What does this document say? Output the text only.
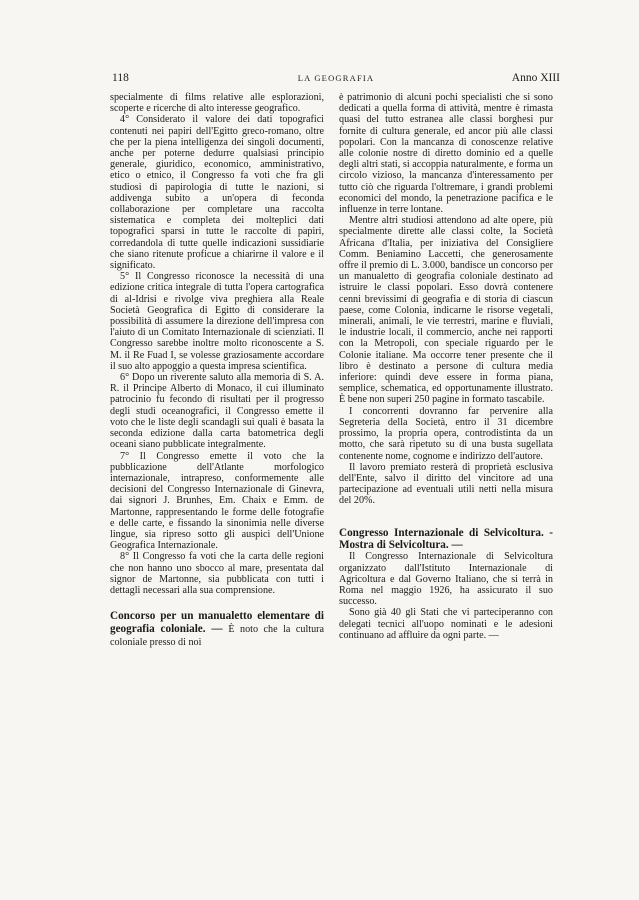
118	LA GEOGRAFIA	Anno XIII

specialmente di films relative alle esplorazioni, scoperte e ricerche di alto interesse geografico.

4° Considerato il valore dei dati topografici contenuti nei papiri dell'Egitto greco-romano, oltre che per la piena intelligenza dei singoli documenti, anche per poterne dedurre qualsiasi principio generale, giuridico, economico, amministrativo, etico o etnico, il Congresso fa voti che fra gli studiosi di papirologia di tutte le nazioni, si addivenga subito a un'opera di feconda collaborazione per completare una raccolta sistematica e completa dei molteplici dati topografici sparsi in tutte le raccolte di papiri, corredandola di tutte quelle indicazioni sussidiarie che siano ritenute proficue a chiarirne il valore e il significato.

5° Il Congresso riconosce la necessità di una edizione critica integrale di tutta l'opera cartografica di al-Idrisi e rivolge viva preghiera alla Reale Società Geografica di Egitto di considerare la possibilità di assumere la direzione dell'impresa con l'aiuto di un Comitato Internazionale di scienziati. Il Congresso sarebbe inoltre molto riconoscente a S. M. il Re Fuad I, se volesse graziosamente accordare il suo alto appoggio a questa impresa scientifica.

6° Dopo un riverente saluto alla memoria di S. A. R. il Principe Alberto di Monaco, il cui illuminato patrocinio fu fecondo di risultati per il progresso degli studi oceanografici, il Congresso emette il voto che le liste degli scandagli sui quali è basata la seconda edizione dalla carta batometrica degli oceani siano pubblicate integralmente.

7° Il Congresso emette il voto che la pubblicazione dell'Atlante morfologico internazionale, intrapreso, conformemente alle decisioni del Congresso Internazionale di Ginevra, dai signori J. Brunhes, Em. Chaix e Emm. de Martonne, rappresentando le forme delle fotografie e delle carte, e fissando la sinonimia nelle diverse lingue, sia ripreso sotto gli auspici dell'Unione Geografica Internazionale.

8° Il Congresso fa voti che la carta delle regioni che non hanno uno sbocco al mare, presentata dal signor de Martonne, sia pubblicata con tutti i dettagli necessari alla sua comprensione.

Concorso per un manualetto elementare di geografia coloniale. — È noto che la cultura coloniale presso di noi

è patrimonio di alcuni pochi specialisti che si sono dedicati a quella forma di attività, mentre è rimasta quasi del tutto estranea alle classi borghesi pur fornite di cultura generale, ed ancor più alle classi popolari. Con la mancanza di conoscenze relative alle colonie nostre di diretto dominio ed a quelle degli altri stati, si accoppia naturalmente, e forma un circolo vizioso, la mancanza d'interessamento per tutto ciò che riguarda l'oltremare, i grandi problemi economici del mondo, la penetrazione pacifica e le influenze in terre lontane.

Mentre altri studiosi attendono ad alte opere, più specialmente dirette alle classi colte, la Società Africana d'Italia, per iniziativa del Consigliere Comm. Beniamino Laccetti, che generosamente offre il premio di L. 3.000, bandisce un concorso per un manualetto di geografia coloniale destinato ad istruire le classi popolari. Esso dovrà contenere cenni brevissimi di geografia e di storia di ciascun paese, come Colonia, indicarne le risorse vegetali, minerali, animali, le vie terrestri, marine e fluviali, le industrie locali, il commercio, anche nei rapporti con la Metropoli, con speciale riguardo per le Colonie italiane. Ma occorre tener presente che il libro è destinato a persone di cultura media inferiore: quindi deve essere in forma piana, semplice, schematica, ed opportunamente illustrato. È bene non superi 250 pagine in formato tascabile.

I concorrenti dovranno far pervenire alla Segreteria della Società, entro il 31 dicembre prossimo, la propria opera, controdistinta da un motto, che sarà ripetuto su di una busta sugellata contenente nome, cognome e indirizzo dell'autore.

Il lavoro premiato resterà di proprietà esclusiva dell'Ente, salvo il diritto del vincitore ad una partecipazione ad eventuali utili netti nella misura del 20%.

Congresso Internazionale di Selvicoltura. - Mostra di Selvicoltura. —

Il Congresso Internazionale di Selvicoltura organizzato dall'Istituto Internazionale di Agricoltura e dal Governo Italiano, che si terrà in Roma nel maggio 1926, ha assicurato il suo successo.

Sono già 40 gli Stati che vi parteciperanno con delegati tecnici all'uopo nominati e le adesioni continuano ad affluire da ogni parte. —
